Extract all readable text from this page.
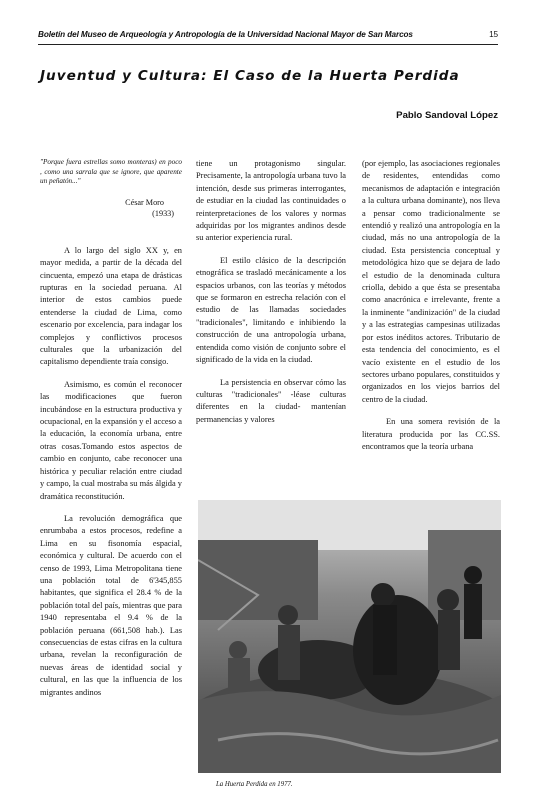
Boletín del Museo de Arqueología y Antropología de la Universidad Nacional Mayor de San Marcos	15
Juventud y Cultura: El Caso de la Huerta Perdida
Pablo Sandoval López

"Porque fuera estrellas somo monteras) en poco , como una sarrala que se ignore, que aparente un peñatón..."

César Moro
(1933)

A lo largo del siglo XX y, en mayor medida, a partir de la década del cincuenta, empezó una etapa de drásticas rupturas en la sociedad peruana. Al interior de estos cambios puede entenderse la ciudad de Lima, como escenario por excelencia, para indagar los complejos y conflictivos procesos culturales que la urbanización del capitalismo dependiente traía consigo.

Asimismo, es común el reconocer las modificaciones que fueron incubándose en la estructura productiva y ocupacional, en la expansión y el acceso a la educación, la economía urbana, entre otras cosas.Tomando estos aspectos de cambio en conjunto, cabe reconocer una histórica y peculiar relación entre ciudad y campo, la cual mostraba su más álgida y dramática reconstitución.

La revolución demográfica que enrumbaba a estos procesos, redefine a Lima en su fisonomía espacial, económica y cultural. De acuerdo con el censo de 1993, Lima Metropolitana tiene una población total de 6'345,855 habitantes, que significa el 28.4 % de la población total del país, mientras que para 1940 representaba el 9.4 % de la población peruana (661,508 hab.). Las consecuencias de estas cifras en la cultura urbana, revelan la reconfiguración de nuevas áreas de identidad social y cultural, en las que la influencia de los migrantes andinos

tiene un protagonismo singular. Precisamente, la antropología urbana tuvo la intención, desde sus primeras interrogantes, de estudiar en la ciudad las continuidades o reinterpretaciones de los valores y normas adquiridas por los migrantes andinos desde su anterior experiencia rural.

El estilo clásico de la descripción etnográfica se trasladó mecánicamente a los espacios urbanos, con las teorías y métodos que se formaron en estrecha relación con el estudio de las llamadas sociedades "tradicionales", limitando e inhibiendo la construcción de una antropología urbana, entendida como visión de conjunto sobre el significado de la vida en la ciudad.

La persistencia en observar cómo las culturas "tradicionales" -léase culturas diferentes en la ciudad- mantenían permanencias y valores

(por ejemplo, las asociaciones regionales de residentes, entendidas como mecanismos de adaptación e integración a la cultura urbana dominante), nos lleva a pensar como tradicionalmente se entendió y realizó una antropología en la ciudad, más no una antropología de la ciudad. Esta persistencia conceptual y metodológica hizo que se dejara de lado el estudio de la denominada cultura criolla, debido a que ésta se presentaba como anacrónica e irrelevante, frente a la inminente "andinización" de la ciudad y a las estrategias campesinas utilizadas por estos inéditos actores. Tributario de esta tendencia del conocimiento, es el vacío existente en el estudio de los sectores urbano populares, constituidos y organizados en los viejos barrios del centro de la ciudad.

En una somera revisión de la literatura producida por las CC.SS. encontramos que la teoría urbana

La Huerta Perdida en 1977.
